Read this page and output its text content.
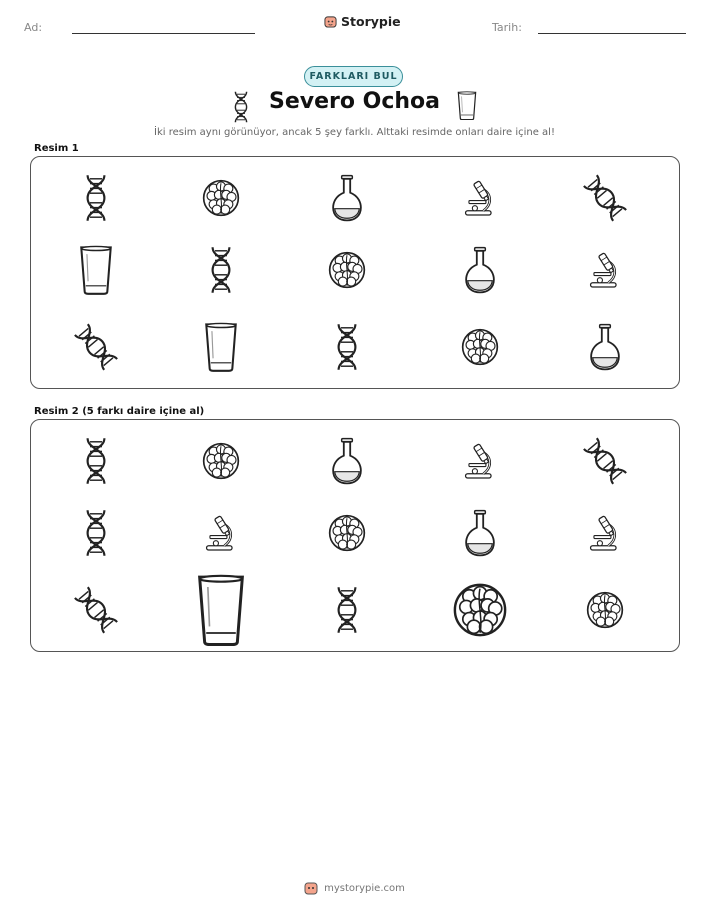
Ad:	Storypie	Tarih:
FARKLARI BUL
Severo Ochoa
İki resim aynı görünüyor, ancak 5 şey farklı. Alttaki resimde onları daire içine al!
Resim 1
Resim 2 (5 farkı daire içine al)
mystorypie.com
